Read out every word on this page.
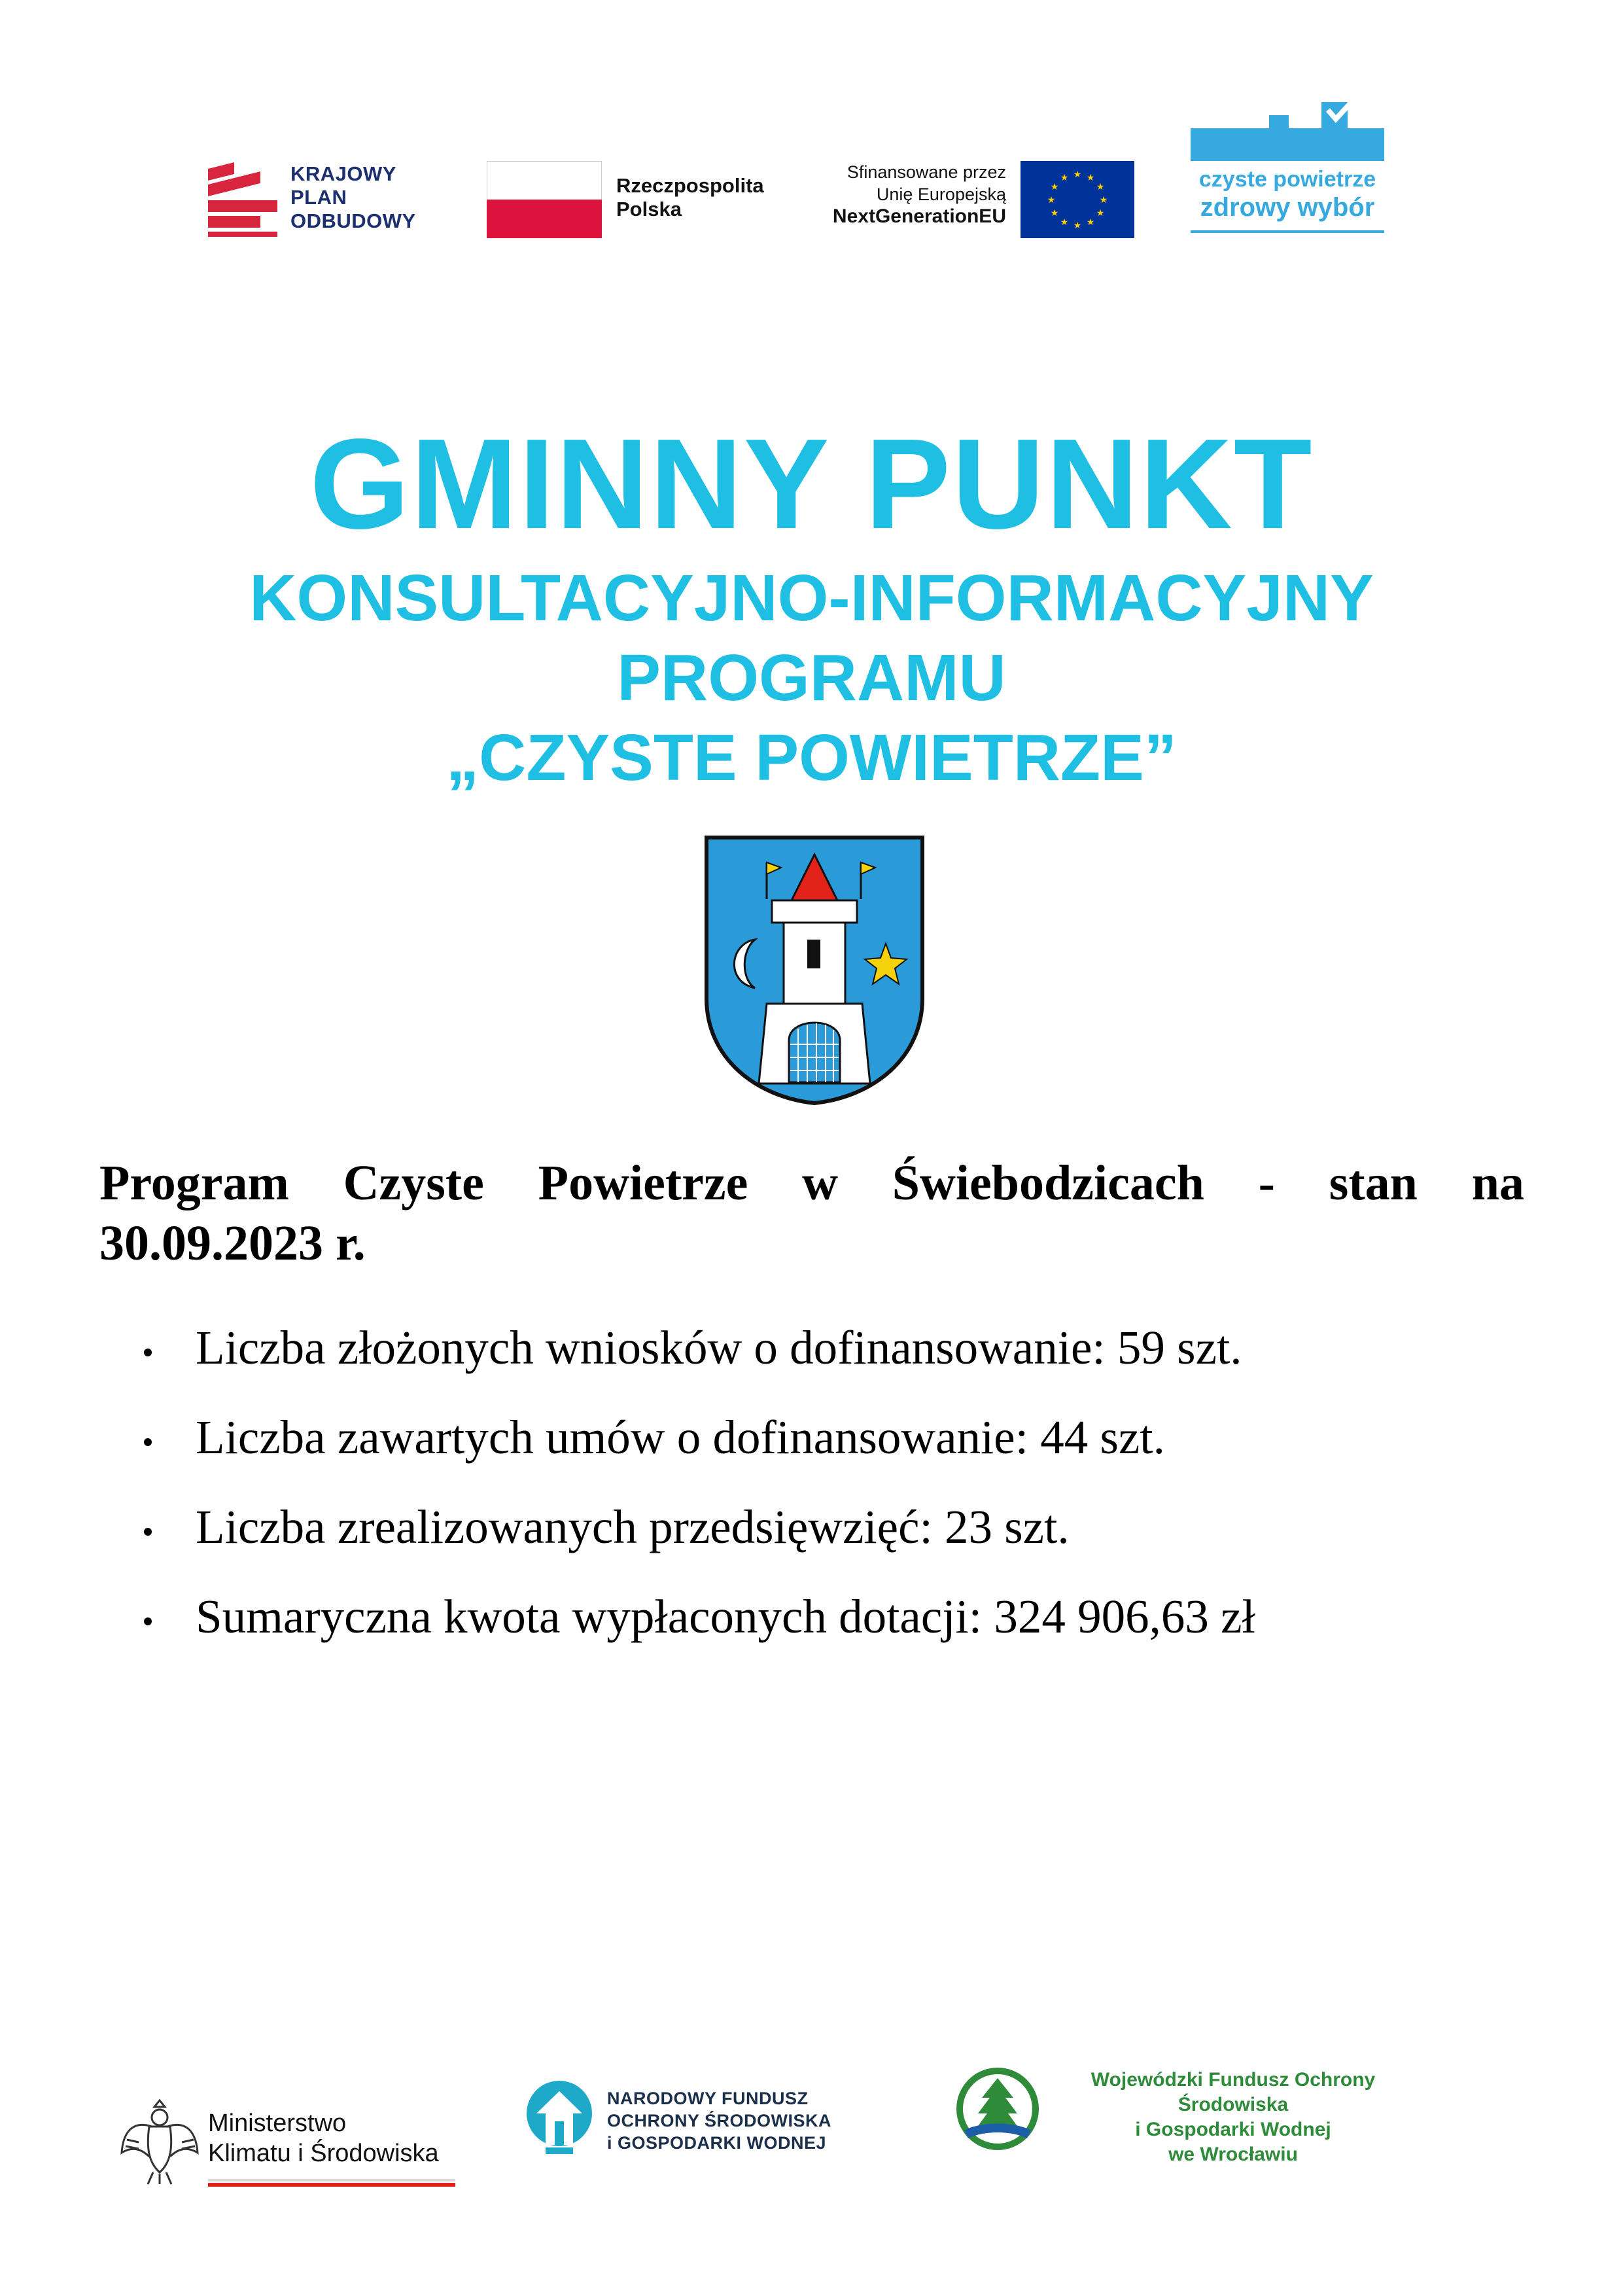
KRAJOWY
PLAN
ODBUDOWY
Rzeczpospolita
Polska
Sfinansowane przez
Unię Europejską
NextGenerationEU
★ ★
★
★
★
★
★
★
★
★
★
★	czyste powietrze
zdrowy wybór
GMINNY PUNKT
KONSULTACYJNO-INFORMACYJNY
PROGRAMU
„CZYSTE POWIETRZE”
Program Czyste Powietrze w Świebodzicach - stan na
30.09.2023 r.
Liczba złożonych wniosków o dofinansowanie: 59 szt.
Liczba zawartych umów o dofinansowanie: 44 szt.
Liczba zrealizowanych przedsięwzięć: 23 szt.
Sumaryczna kwota wypłaconych dotacji: 324 906,63 zł
Ministerstwo
Klimatu i Środowiska
NARODOWY FUNDUSZ
OCHRONY ŚRODOWISKA
i GOSPODARKI WODNEJ
Wojewódzki Fundusz Ochrony Środowiska
i Gospodarki Wodnej
we Wrocławiu
